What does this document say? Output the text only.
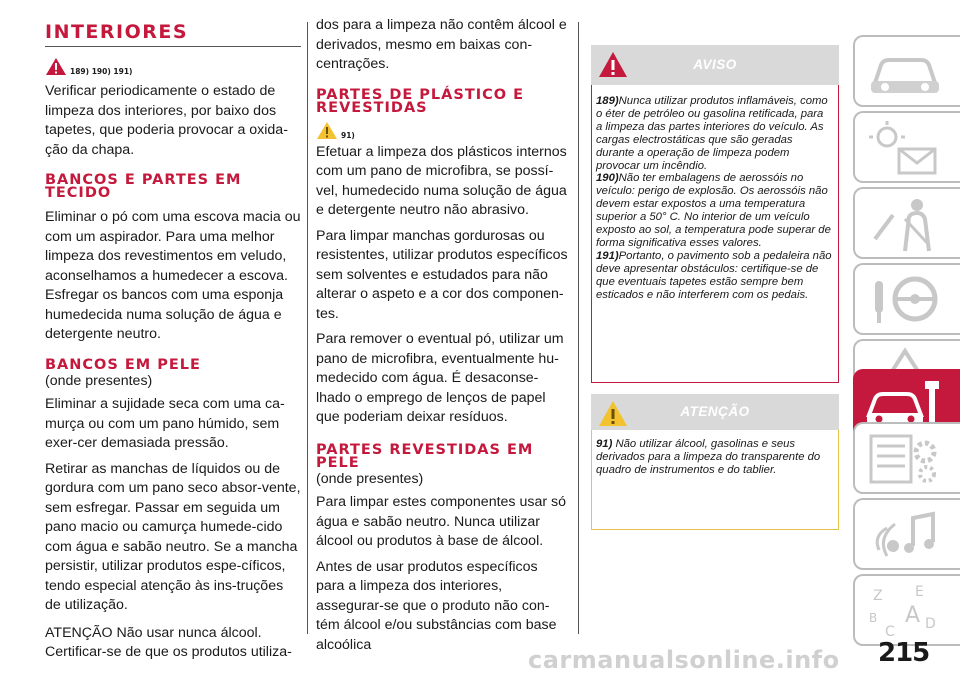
INTERIORES
189) 190) 191)

Verificar periodicamente o estado de limpeza dos interiores, por baixo dos tapetes, que poderia provocar a oxida-ção da chapa.

BANCOS E PARTES EM
TECIDO

Eliminar o pó com uma escova macia ou com um aspirador. Para uma melhor limpeza dos revestimentos em veludo, aconselhamos a humedecer a escova. Esfregar os bancos com uma esponja humedecida numa solução de água e detergente neutro.

BANCOS EM PELE

(onde presentes)

Eliminar a sujidade seca com uma ca-murça ou com um pano húmido, sem exer-cer demasiada pressão.

Retirar as manchas de líquidos ou de gordura com um pano seco absor-vente, sem esfregar. Passar em seguida um pano macio ou camurça humede-cido com água e sabão neutro. Se a mancha persistir, utilizar produtos espe-cíficos, tendo especial atenção às ins-truções de utilização.

ATENÇÃO Não usar nunca álcool. Certificar-se de que os produtos utiliza-

dos para a limpeza não contêm álcool e derivados, mesmo em baixas con-centrações.

PARTES DE PLÁSTICO E
REVESTIDAS
91)

Efetuar a limpeza dos plásticos internos com um pano de microfibra, se possí-vel, humedecido numa solução de água e detergente neutro não abrasivo.

Para limpar manchas gordurosas ou resistentes, utilizar produtos específicos sem solventes e estudados para não alterar o aspeto e a cor dos componen-tes.

Para remover o eventual pó, utilizar um pano de microfibra, eventualmente hu-medecido com água. É desaconse-lhado o emprego de lenços de papel que poderiam deixar resíduos.

PARTES REVESTIDAS EM
PELE

(onde presentes)

Para limpar estes componentes usar só água e sabão neutro. Nunca utilizar álcool ou produtos à base de álcool.

Antes de usar produtos específicos para a limpeza dos interiores, assegurar-se que o produto não con-tém álcool e/ou substâncias com base alcoólica

AVISO
189)Nunca utilizar produtos inflamáveis, como o éter de petróleo ou gasolina retificada, para a limpeza das partes interiores do veículo. As cargas electrostáticas que são geradas durante a operação de limpeza podem provocar um incêndio.
190)Não ter embalagens de aerossóis no veículo: perigo de explosão. Os aerossóis não devem estar expostos a uma temperatura superior a 50° C. No interior de um veículo exposto ao sol, a temperatura pode superar de forma significativa esses valores.
191)Portanto, o pavimento sob a pedaleira não deve apresentar obstáculos: certifique-se de que eventuais tapetes estão sempre bem esticados e não interferem com os pedais.
ATENÇÃO
91) Não utilizar álcool, gasolinas e seus derivados para a limpeza do transparente do quadro de instrumentos e do tablier.
Z E
B A
C D
carmanualsonline.info 215
